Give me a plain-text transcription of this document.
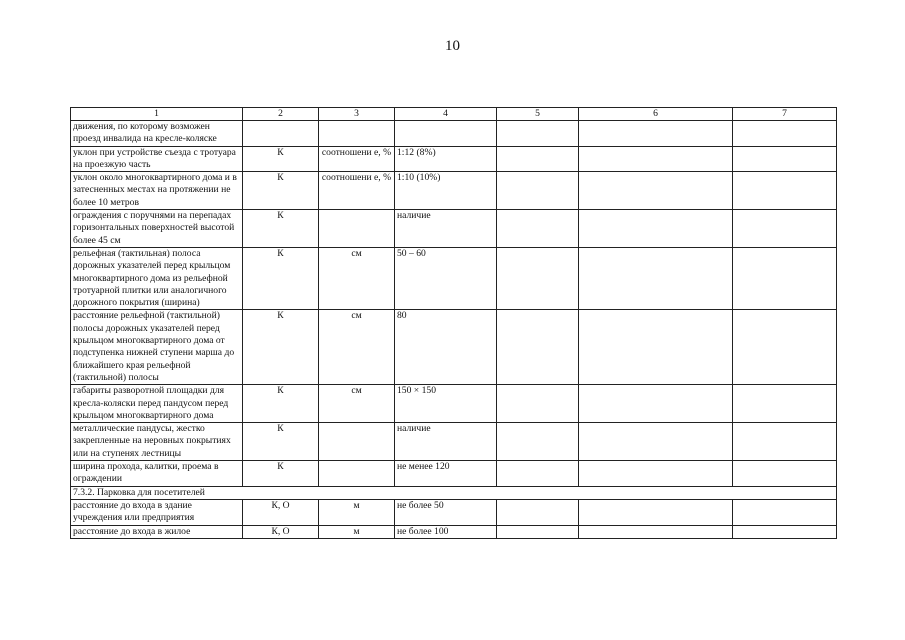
10
1	2	3	4	5	6	7
движения, по которому возможен проезд инвалида на кресле-коляске						
уклон при устройстве съезда с тротуара на проезжую часть	К	соотношени е, %	1:12 (8%)			
уклон около многоквартирного дома и в затесненных местах на протяжении не более 10 метров	К	соотношени е, %	1:10 (10%)			
ограждения с поручнями на перепадах горизонтальных поверхностей высотой более 45 см	К		наличие			
рельефная (тактильная) полоса дорожных указателей перед крыльцом многоквартирного дома из рельефной тротуарной плитки или аналогичного дорожного покрытия (ширина)	К	см	50 – 60			
расстояние рельефной (тактильной) полосы дорожных указателей перед крыльцом многоквартирного дома от подступенка нижней ступени марша до ближайшего края рельефной (тактильной) полосы	К	см	80			
габариты разворотной площадки для кресла-коляски перед пандусом перед крыльцом многоквартирного дома	К	см	150 × 150			
металлические пандусы, жестко закрепленные на неровных покрытиях или на ступенях лестницы	К		наличие			
ширина прохода, калитки, проема в ограждении	К		не менее 120			
7.3.2. Парковка для посетителей						
расстояние до входа в здание учреждения или предприятия	К, О	м	не более 50			
расстояние до входа в жилое	К, О	м	не более 100			
